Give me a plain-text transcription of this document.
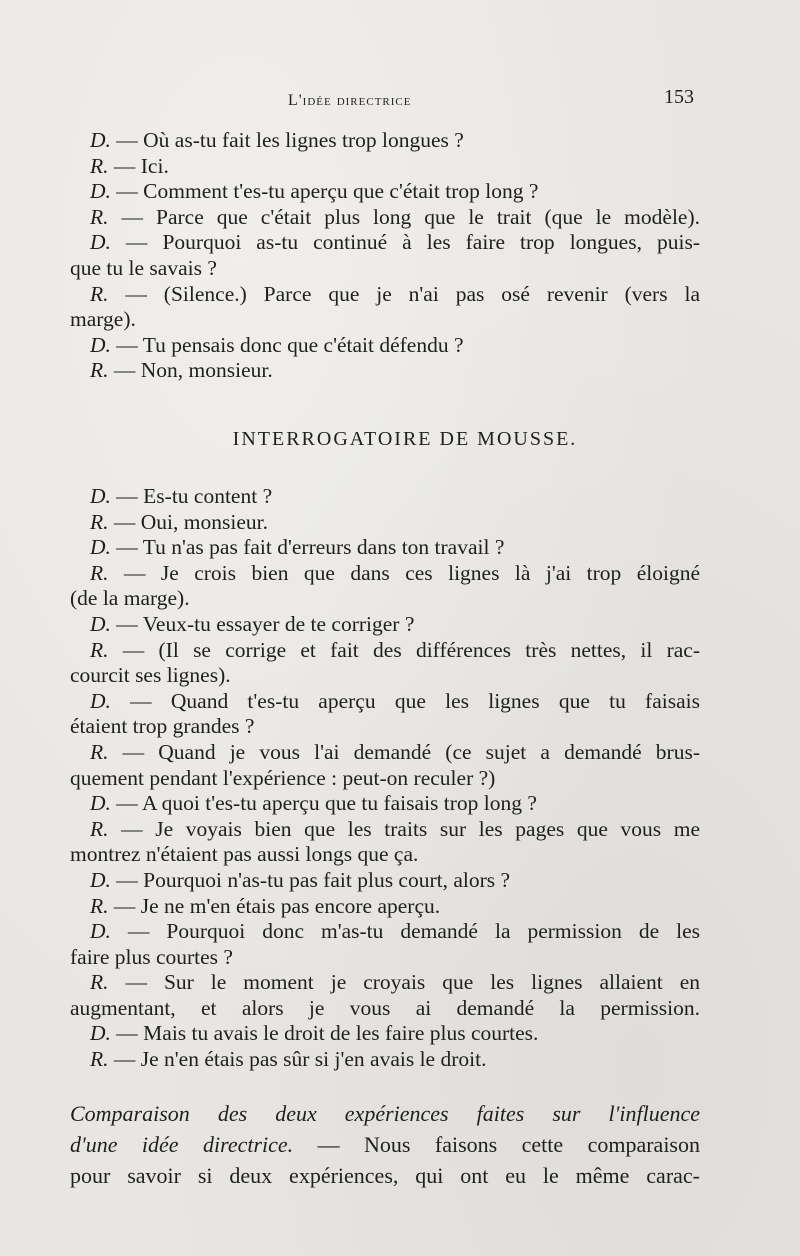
L'idée directrice	153
D. — Où as-tu fait les lignes trop longues ?
R. — Ici.
D. — Comment t'es-tu aperçu que c'était trop long ?
R. — Parce que c'était plus long que le trait (que le modèle).
D. — Pourquoi as-tu continué à les faire trop longues, puis-
que tu le savais ?
R. — (Silence.) Parce que je n'ai pas osé revenir (vers la
marge).
D. — Tu pensais donc que c'était défendu ?
R. — Non, monsieur.
INTERROGATOIRE DE MOUSSE.
D. — Es-tu content ?
R. — Oui, monsieur.
D. — Tu n'as pas fait d'erreurs dans ton travail ?
R. — Je crois bien que dans ces lignes là j'ai trop éloigné
(de la marge).
D. — Veux-tu essayer de te corriger ?
R. — (Il se corrige et fait des différences très nettes, il rac-
courcit ses lignes).
D. — Quand t'es-tu aperçu que les lignes que tu faisais
étaient trop grandes ?
R. — Quand je vous l'ai demandé (ce sujet a demandé brus-
quement pendant l'expérience : peut-on reculer ?)
D. — A quoi t'es-tu aperçu que tu faisais trop long ?
R. — Je voyais bien que les traits sur les pages que vous me
montrez n'étaient pas aussi longs que ça.
D. — Pourquoi n'as-tu pas fait plus court, alors ?
R. — Je ne m'en étais pas encore aperçu.
D. — Pourquoi donc m'as-tu demandé la permission de les
faire plus courtes ?
R. — Sur le moment je croyais que les lignes allaient en
augmentant, et alors je vous ai demandé la permission.
D. — Mais tu avais le droit de les faire plus courtes.
R. — Je n'en étais pas sûr si j'en avais le droit.
Comparaison des deux expériences faites sur l'influence
d'une idée directrice. — Nous faisons cette comparaison
pour savoir si deux expériences, qui ont eu le même carac-
